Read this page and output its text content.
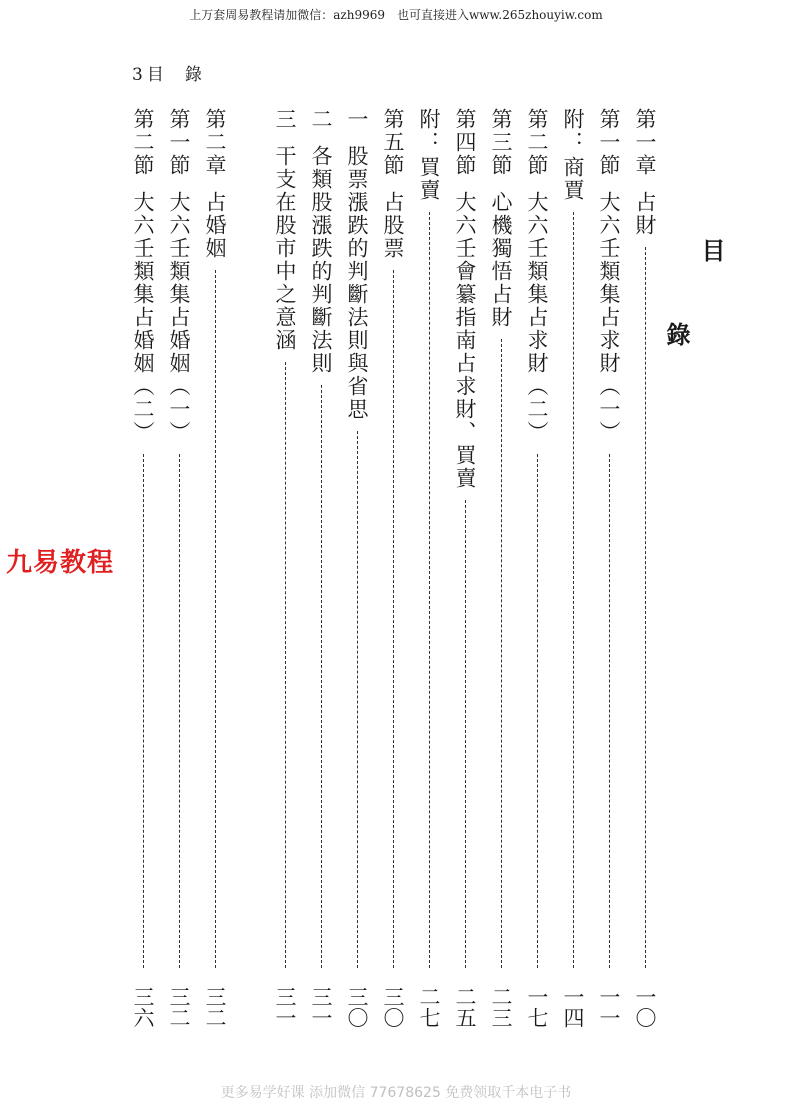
上万套周易教程请加微信：azh9969　也可直接进入www.265zhouyiw.com
3 目　錄
目
錄
第一章
占財
一〇
第一節
大六壬類集占求財（一）
一一
附：
商賈
一四
第二節
大六壬類集占求財（二）
一七
第三節
心機獨悟占財
二三
第四節
大六壬會纂指南占求財、買賣
二五
附：
買賣
二七
第五節
占股票
三〇
一
股票漲跌的判斷法則與省思
三〇
二
各類股漲跌的判斷法則
三一
三
干支在股市中之意涵
三一
第二章
占婚姻
三二
第一節
大六壬類集占婚姻（一）
三二
第二節
大六壬類集占婚姻（二）
三六
九易教程
更多易学好课 添加微信 77678625 免费领取千本电子书
